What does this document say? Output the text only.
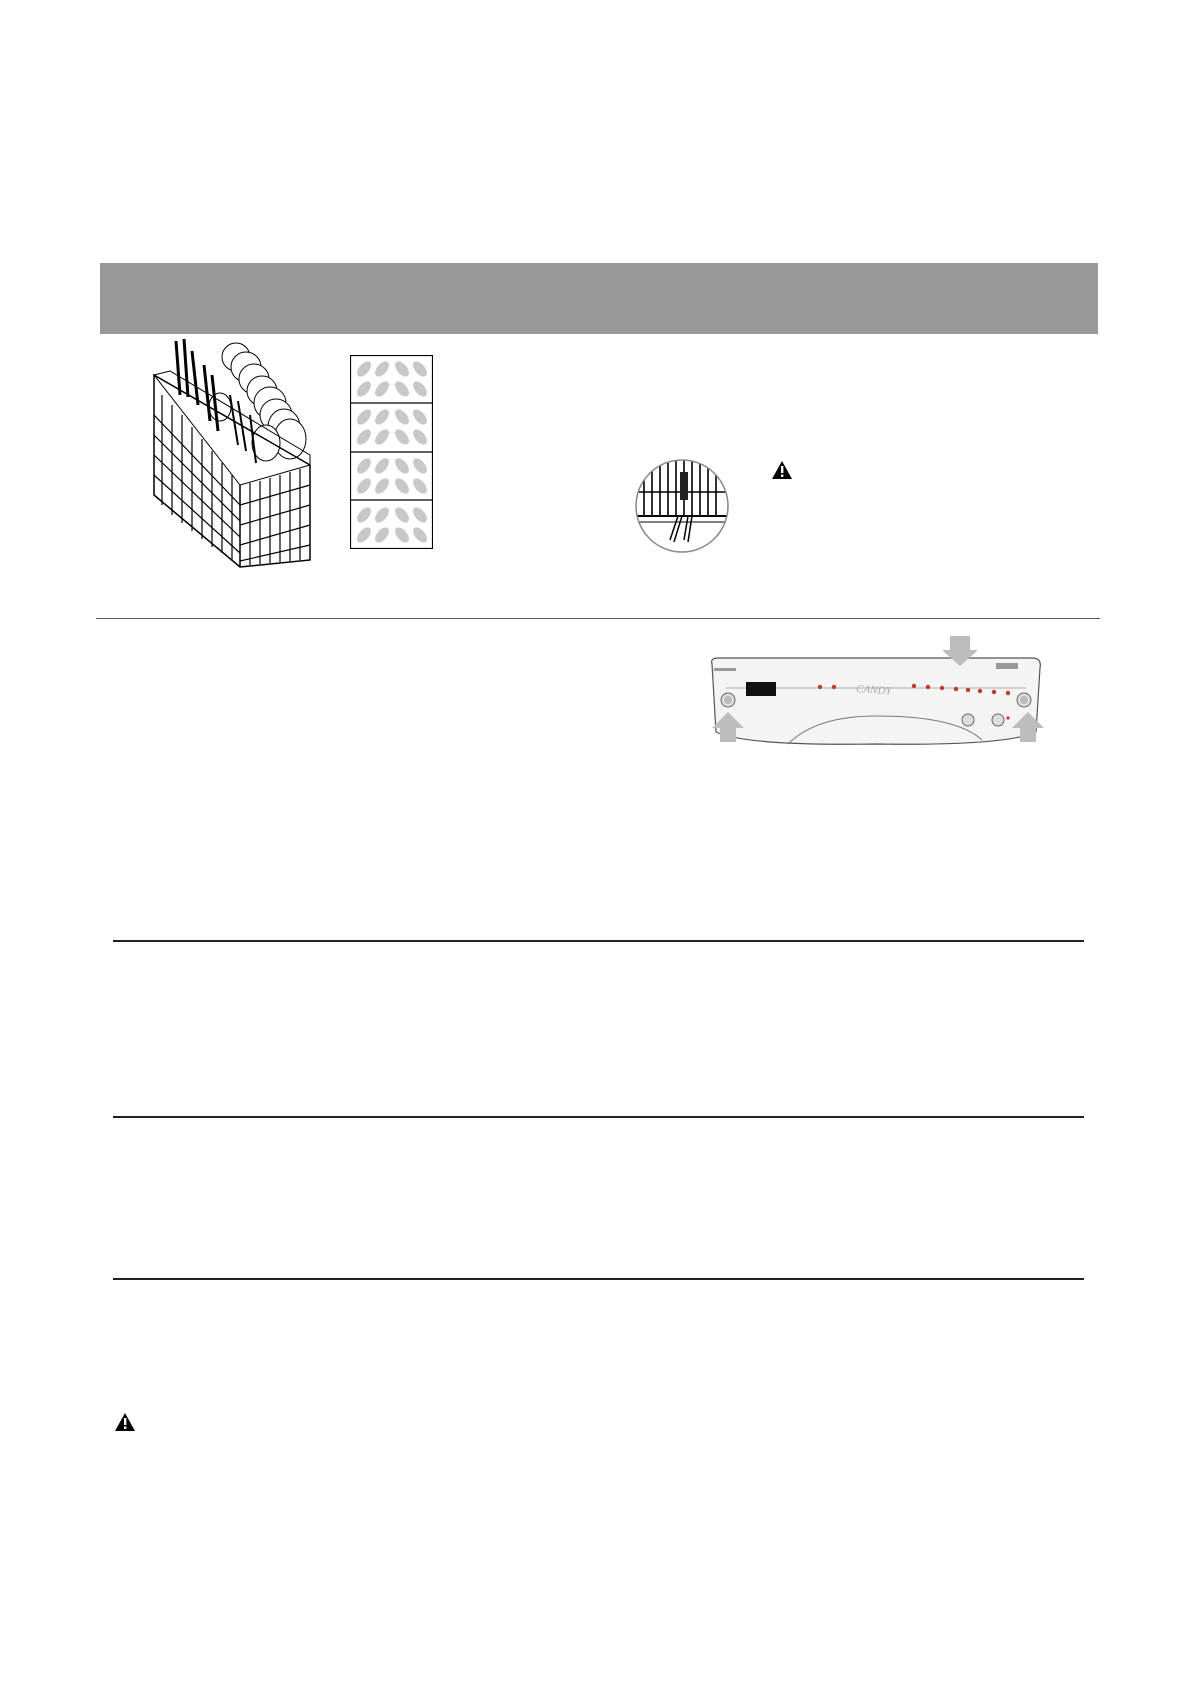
CANDY
